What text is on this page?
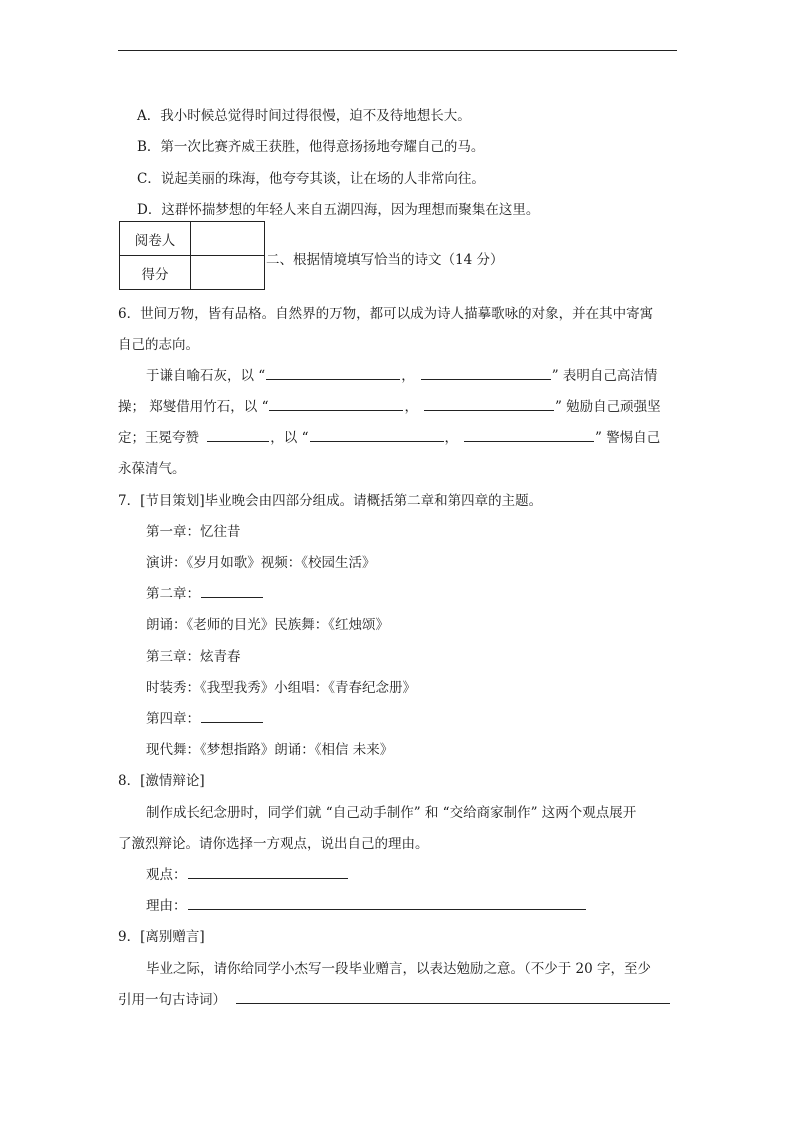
A．我小时候总觉得时间过得很慢，迫不及待地想长大。
B．第一次比赛齐威王获胜，他得意扬扬地夸耀自己的马。
C．说起美丽的珠海，他夸夸其谈，让在场的人非常向往。
D．这群怀揣梦想的年轻人来自五湖四海，因为理想而聚集在这里。
阅卷人	
得分	
二、根据情境填写恰当的诗文（14 分）
6．世间万物，皆有品格。自然界的万物，都可以成为诗人描摹歌咏的对象，并在其中寄寓
自己的志向。
于谦自喻石灰，以 “	，	” 表明自己高洁情
操； 郑燮借用竹石，以 “	，	” 勉励自己顽强坚
定；王冕夸赞	，以 “	，	” 警惕自己
永葆清气。
7．[节目策划]毕业晚会由四部分组成。请概括第二章和第四章的主题。
第一章：忆往昔
演讲：《岁月如歌》视频：《校园生活》
第二章：
朗诵：《老师的目光》民族舞：《红烛颂》
第三章：炫青春
时装秀：《我型我秀》小组唱：《青春纪念册》
第四章：
现代舞：《梦想指路》朗诵：《相信 未来》
8．[激情辩论]
制作成长纪念册时，同学们就 “自己动手制作” 和 “交给商家制作” 这两个观点展开
了激烈辩论。请你选择一方观点，说出自己的理由。
观点：
理由：
9．[离别赠言]
毕业之际，请你给同学小杰写一段毕业赠言，以表达勉励之意。（不少于 20 字，至少
引用一句古诗词）
